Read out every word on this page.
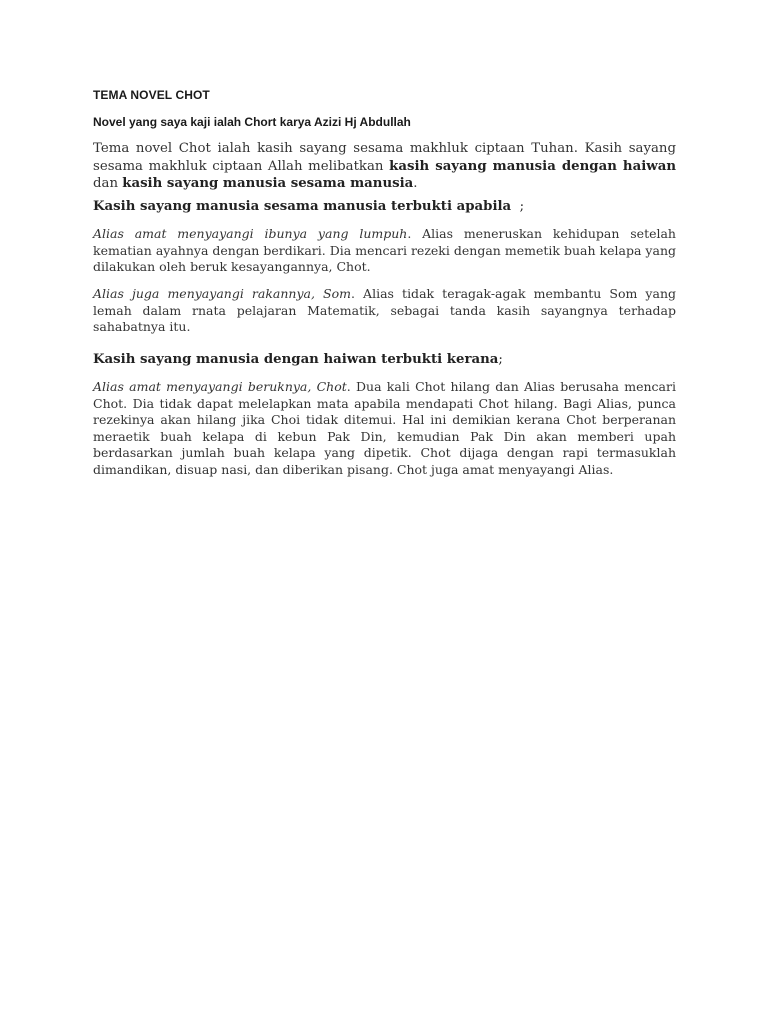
TEMA NOVEL CHOT
Novel yang saya kaji ialah Chort karya Azizi Hj Abdullah
Tema novel Chot ialah kasih sayang sesama makhluk ciptaan Tuhan. Kasih sayang sesama makhluk ciptaan Allah melibatkan kasih sayang manusia dengan haiwan dan kasih sayang manusia sesama manusia.
Kasih sayang manusia sesama manusia terbukti apabila  ;
Alias amat menyayangi ibunya yang lumpuh. Alias meneruskan kehidupan setelah kematian ayahnya dengan berdikari. Dia mencari rezeki dengan memetik buah kelapa yang dilakukan oleh beruk kesayangannya, Chot.
Alias juga menyayangi rakannya, Som. Alias tidak teragak-agak membantu Som yang lemah dalam rnata pelajaran Matematik, sebagai tanda kasih sayangnya terhadap sahabatnya itu.
Kasih sayang manusia dengan haiwan terbukti kerana;
Alias amat menyayangi beruknya, Chot. Dua kali Chot hilang dan Alias berusaha mencari Chot. Dia tidak dapat melelapkan mata apabila mendapati Chot hilang. Bagi Alias, punca rezekinya akan hilang jika Choi tidak ditemui. Hal ini demikian kerana Chot berperanan meraetik buah kelapa di kebun Pak Din, kemudian Pak Din akan memberi upah berdasarkan jumlah buah kelapa yang dipetik. Chot dijaga dengan rapi termasuklah dimandikan, disuap nasi, dan diberikan pisang. Chot juga amat menyayangi Alias.
